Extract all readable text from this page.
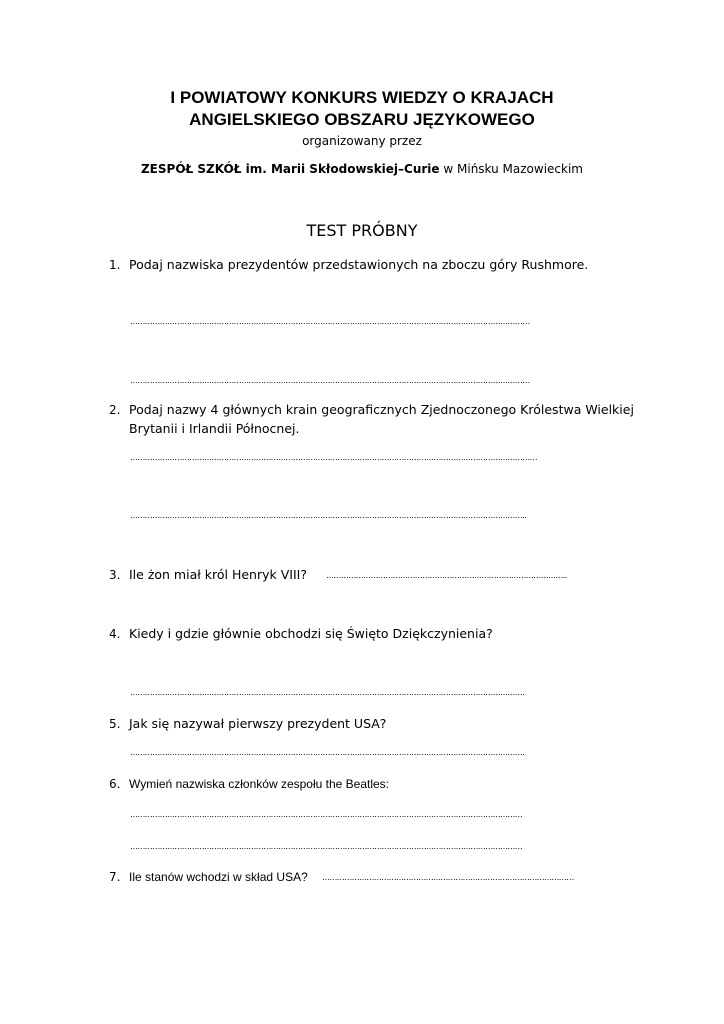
I POWIATOWY KONKURS WIEDZY O KRAJACH
ANGIELSKIEGO OBSZARU JĘZYKOWEGO
organizowany przez
ZESPÓŁ SZKÓŁ im. Marii Skłodowskiej–Curie w Mińsku Mazowieckim
TEST PRÓBNY
1. Podaj nazwiska prezydentów przedstawionych na zboczu góry Rushmore.
………………………………………………………………………………………………………………………………………………
………………………………………………………………………………………………………………………………………………
2. Podaj nazwy 4 głównych krain geograficznych Zjednoczonego Królestwa Wielkiej
Brytanii i Irlandii Północnej.
…………………………………………………………………………………………………………………………………………………
……………………………………………………………………………………………………………………………………………..
3. Ile żon miał król Henryk VIII? ……………………………………………………………………………………..
4. Kiedy i gdzie głównie obchodzi się Święto Dziękczynienia?
…………………………………………………………………………………………………………………………………………….
5. Jak się nazywał pierwszy prezydent USA?
…………………………………………………………………………………………………………………………………………….
6. Wymień nazwiska członków zespołu the Beatles:
……………………………………………………………………………………………………………………………………………
……………………………………………………………………………………………………………………………………………
7. Ile stanów wchodzi w skład USA? …………………………………………………………………………………………
